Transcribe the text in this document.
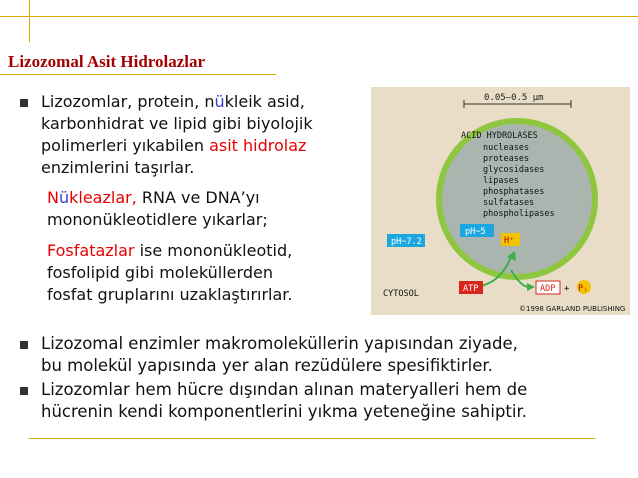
Lizozomal Asit Hidrolazlar
Lizozomlar, protein, nükleik asid,
karbonhidrat ve lipid gibi biyolojik
polimerleri yıkabilen asit hidrolaz
enzimlerini taşırlar.
Nükleazlar, RNA ve DNA’yı
mononükleotidlere yıkarlar;
Fosfatazlar ise mononükleotid,
fosfolipid gibi moleküllerden
fosfat gruplarını uzaklaştırırlar.
0.05–0.5 μm
ACID HYDROLASES
nucleases
proteases
glycosidases
lipases
phosphatases
sulfatases
phospholipases
pH~5
H⁺
pH~7.2
CYTOSOL	ATP	ADP + Pᵢ
©1998 GARLAND PUBLISHING
Lizozomal enzimler makromoleküllerin yapısından ziyade,
bu molekül yapısında yer alan rezüdülere spesifiktirler.
Lizozomlar hem hücre dışından alınan materyalleri hem de
hücrenin kendi komponentlerini yıkma yeteneğine sahiptir.
